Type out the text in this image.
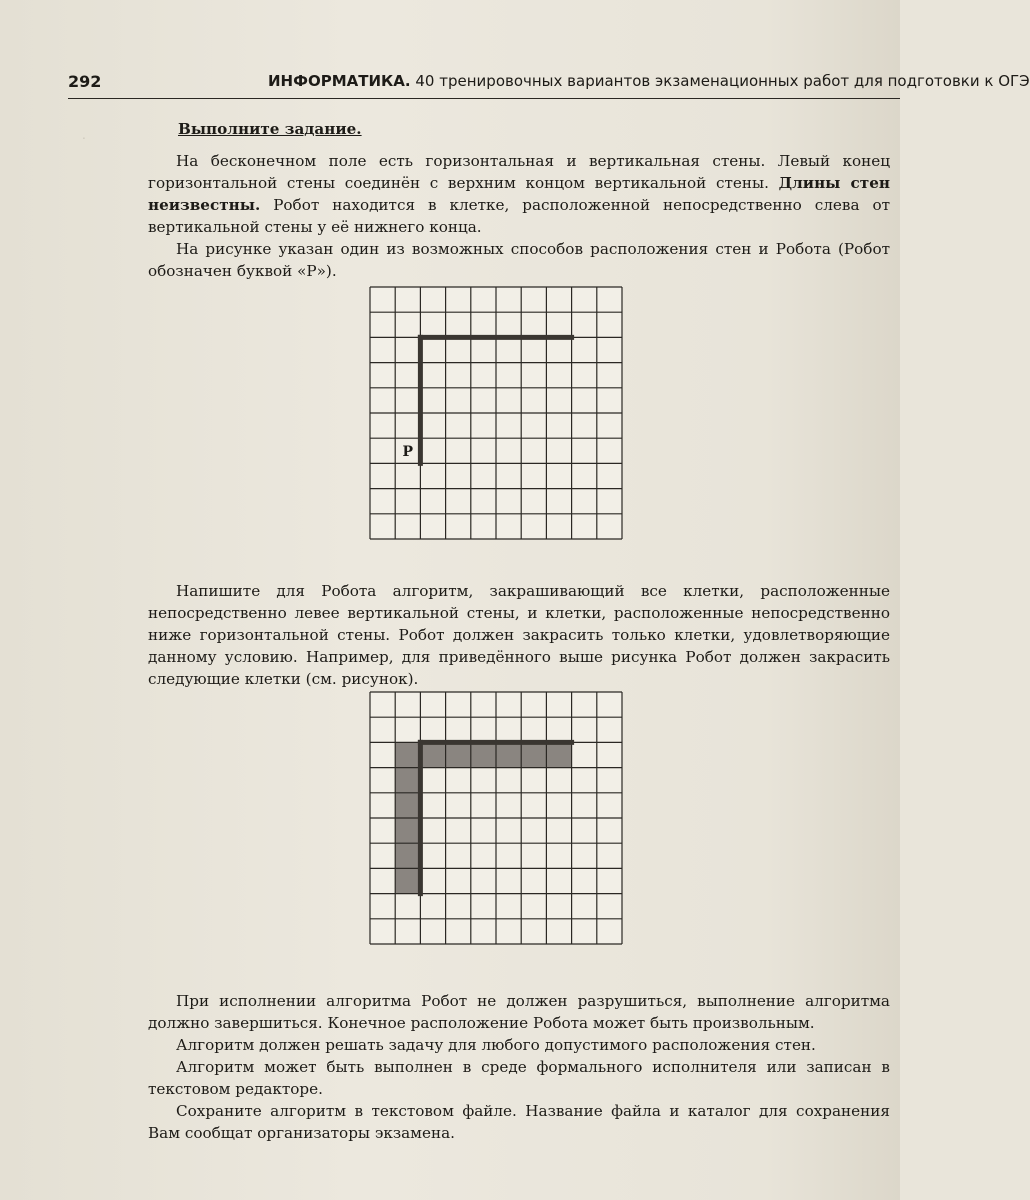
.
292	ИНФОРМАТИКА. 40 тренировочных вариантов экзаменационных работ для подготовки к ОГЭ
Выполните задание.

На бесконечном поле есть горизонтальная и вертикальная стены. Левый конец горизонтальной стены соединён с верхним концом вертикальной стены. Длины стен неизвестны. Робот находится в клетке, расположенной непосредственно слева от вертикальной стены у её нижнего конца.

На рисунке указан один из возможных способов расположения стен и Робота (Робот обозначен буквой «Р»).

Р

Напишите для Робота алгоритм, закрашивающий все клетки, расположенные непосредственно левее вертикальной стены, и клетки, расположенные непосредственно ниже горизонтальной стены. Робот должен закрасить только клетки, удовлетворяющие данному условию. Например, для приведённого выше рисунка Робот должен закрасить следующие клетки (см. рисунок).

При исполнении алгоритма Робот не должен разрушиться, выполнение алгоритма должно завершиться. Конечное расположение Робота может быть произвольным.

Алгоритм должен решать задачу для любого допустимого расположения стен.

Алгоритм может быть выполнен в среде формального исполнителя или записан в текстовом редакторе.

Сохраните алгоритм в текстовом файле. Название файла и каталог для сохранения Вам сообщат организаторы экзамена.
